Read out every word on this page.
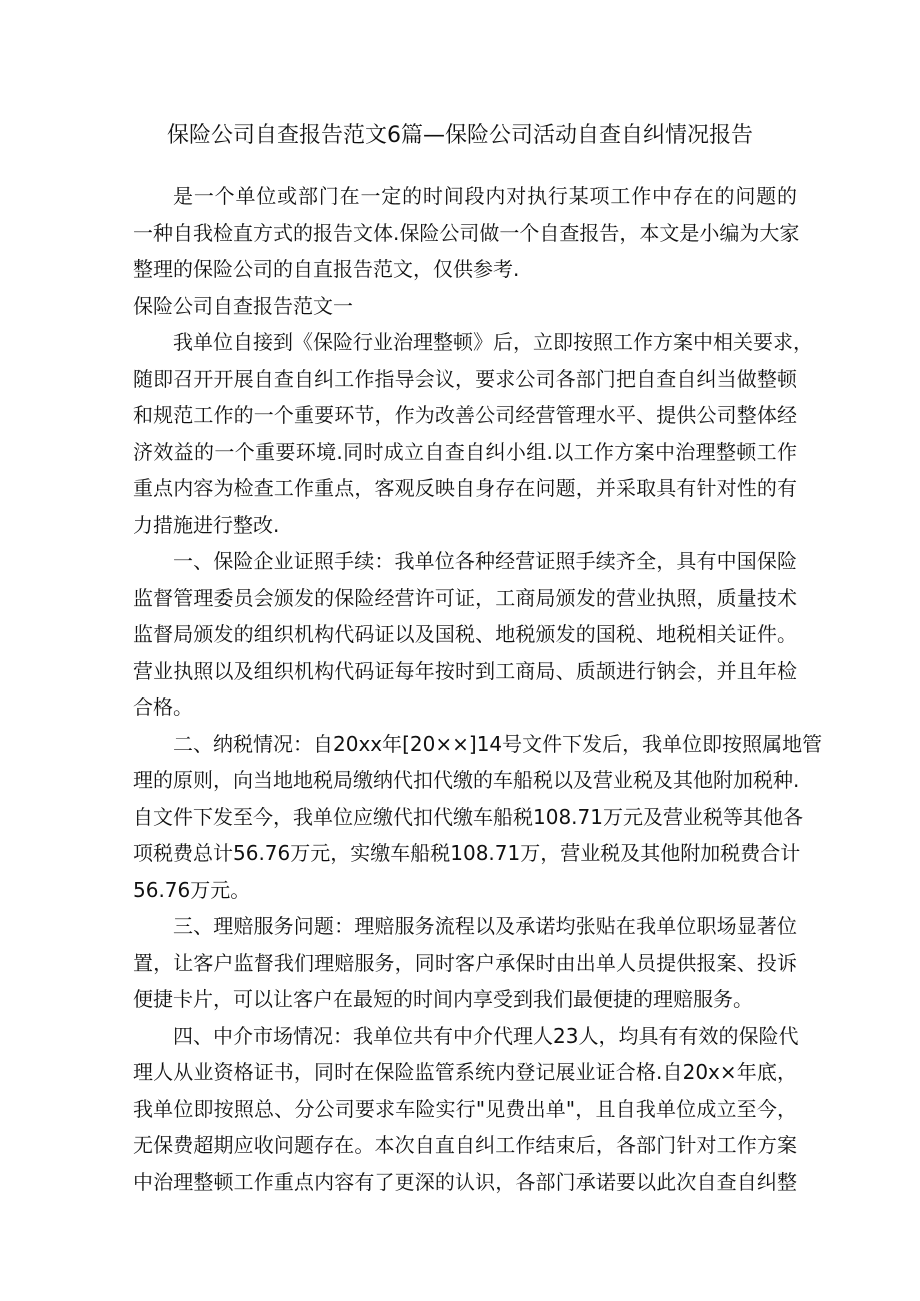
保险公司自查报告范文6篇—保险公司活动自查自纠情况报告
是一个单位或部门在一定的时间段内对执行某项工作中存在的问题的
一种自我检直方式的报告文体.保险公司做一个自查报告，本文是小编为大家
整理的保险公司的自直报告范文，仅供参考.
保险公司自查报告范文一
我单位自接到《保险行业治理整顿》后，立即按照工作方案中相关要求，
随即召开开展自查自纠工作指导会议，要求公司各部门把自查自纠当做整顿
和规范工作的一个重要环节，作为改善公司经营管理水平、提供公司整体经
济效益的一个重要环境.同时成立自查自纠小组.以工作方案中治理整顿工作
重点内容为检查工作重点，客观反映自身存在问题，并采取具有针对性的有
力措施进行整改.
一、保险企业证照手续：我单位各种经营证照手续齐全，具有中国保险
监督管理委员会颁发的保险经营许可证，工商局颁发的营业执照，质量技术
监督局颁发的组织机构代码证以及国税、地税颁发的国税、地税相关证件。
营业执照以及组织机构代码证每年按时到工商局、质颉进行钠会，并且年检
合格。
二、纳税情况：自20xx年[20××]14号文件下发后，我单位即按照属地管
理的原则，向当地地税局缴纳代扣代缴的车船税以及营业税及其他附加税种.
自文件下发至今，我单位应缴代扣代缴车船税108.71万元及营业税等其他各
项税费总计56.76万元，实缴车船税108.71万，营业税及其他附加税费合计
56.76万元。
三、理赔服务问题：理赔服务流程以及承诺均张贴在我单位职场显著位
置，让客户监督我们理赔服务，同时客户承保时由出单人员提供报案、投诉
便捷卡片，可以让客户在最短的时间内享受到我们最便捷的理赔服务。
四、中介市场情况：我单位共有中介代理人23人，均具有有效的保险代
理人从业资格证书，同时在保险监管系统内登记展业证合格.自20x×年底，
我单位即按照总、分公司要求车险实行"见费出单"，且自我单位成立至今，
无保费超期应收问题存在。本次自直自纠工作结束后，各部门针对工作方案
中治理整顿工作重点内容有了更深的认识，各部门承诺要以此次自查自纠整
